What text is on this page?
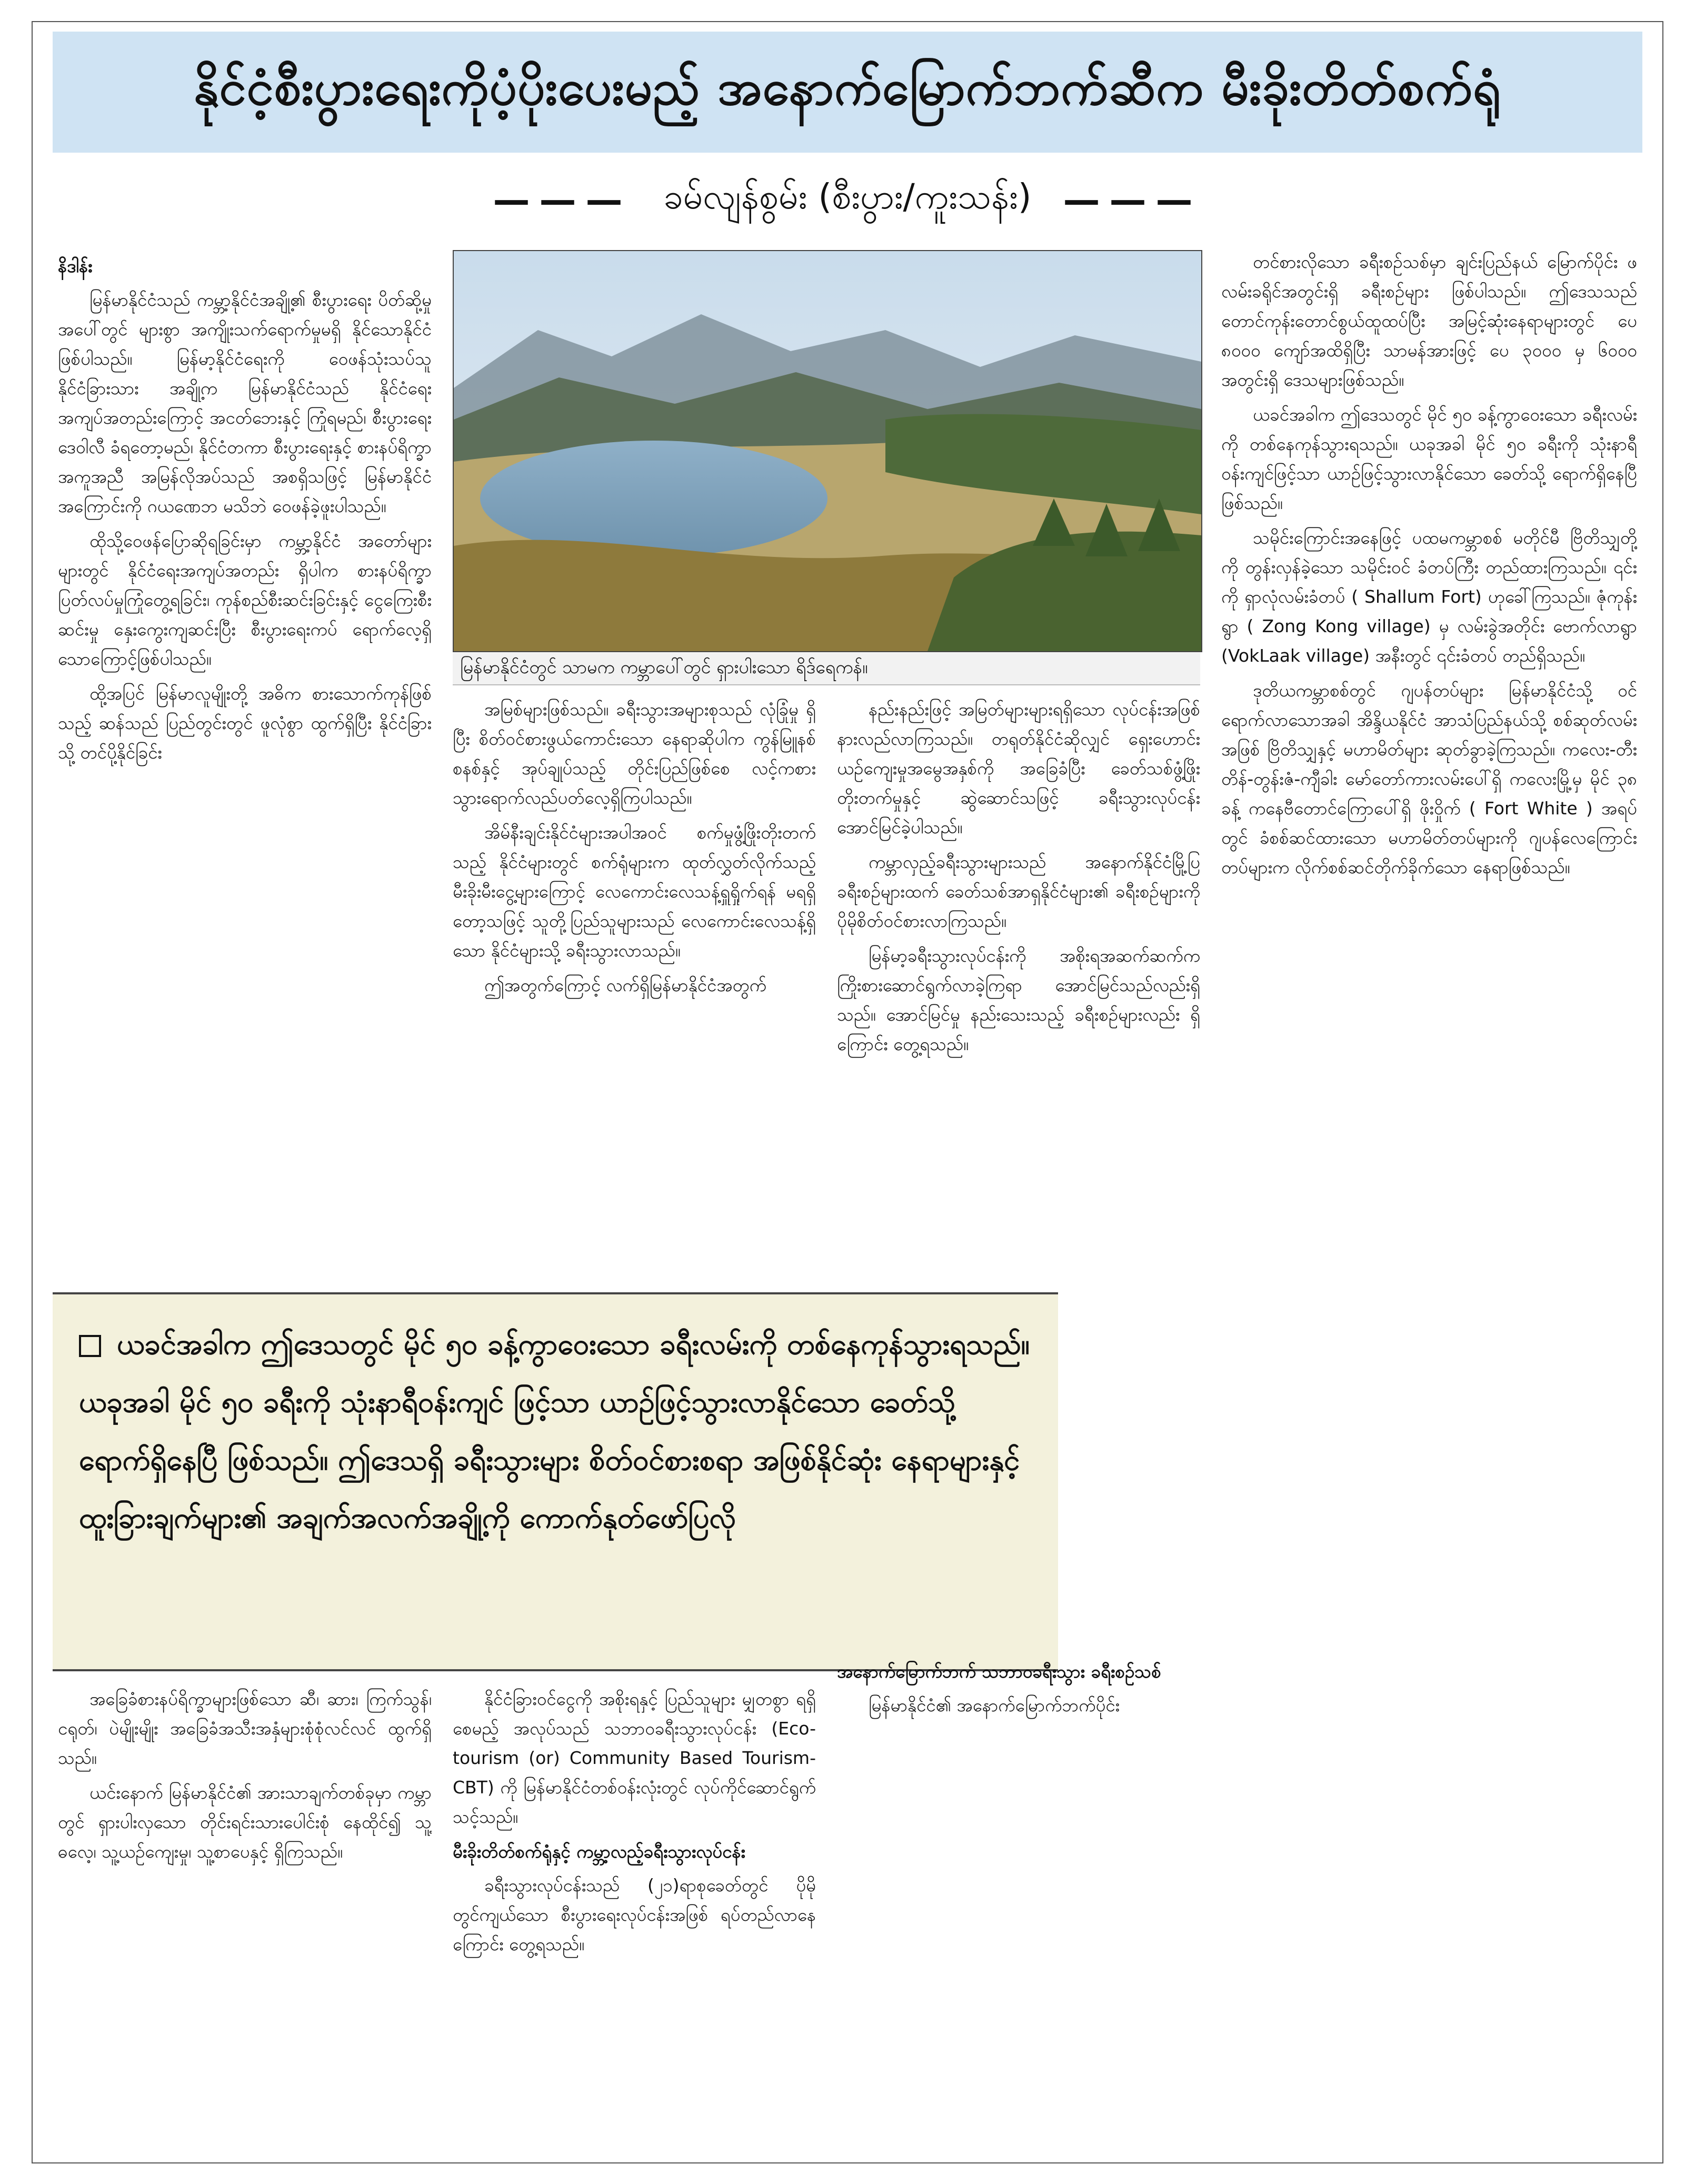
နိုင်ငံ့စီးပွားရေးကိုပံ့ပိုးပေးမည့် အနောက်မြောက်ဘက်ဆီက မီးခိုးတိတ်စက်ရုံ
——— ခမ်လျန်စွမ်း (စီးပွား/ကူးသန်း) ———

နိဒါန်း

မြန်မာနိုင်ငံသည် ကမ္ဘာ့နိုင်ငံအချို့၏ စီးပွားရေး ပိတ်ဆို့မှုအပေါ်တွင် များစွာ အကျိုးသက်ရောက်မှုမရှိ နိုင်သောနိုင်ငံဖြစ်ပါသည်။ မြန်မာ့နိုင်ငံရေးကို ဝေဖန်သုံးသပ်သူ နိုင်ငံခြားသား အချို့က မြန်မာနိုင်ငံသည် နိုင်ငံရေး အကျပ်အတည်းကြောင့် အငတ်ဘေးနှင့် ကြုံရမည်၊ စီးပွားရေးဒေဝါလီ ခံရတော့မည်၊ နိုင်ငံတကာ စီးပွားရေးနှင့် စားနပ်ရိက္ခာ အကူအညီ အမြန်လိုအပ်သည် အစရှိသဖြင့် မြန်မာနိုင်ငံ အကြောင်းကို ဂယဏေဘ မသိဘဲ ဝေဖန်ခဲ့ဖူးပါသည်။

ထိုသို့ဝေဖန်ပြောဆိုရခြင်းမှာ ကမ္ဘာ့နိုင်ငံ အတော်များများတွင် နိုင်ငံရေးအကျပ်အတည်း ရှိပါက စားနပ်ရိက္ခာ ပြတ်လပ်မှုကြုံတွေ့ရခြင်း၊ ကုန်စည်စီးဆင်းခြင်းနှင့် ငွေကြေးစီးဆင်းမှု နှေးကွေးကျဆင်းပြီး စီးပွားရေးကပ် ရောက်လေ့ရှိသောကြောင့်ဖြစ်ပါသည်။

ထို့အပြင် မြန်မာလူမျိုးတို့ အဓိက စားသောက်ကုန်ဖြစ်သည့် ဆန်သည် ပြည်တွင်းတွင် ဖူလုံစွာ ထွက်ရှိပြီး နိုင်ငံခြားသို့ တင်ပို့နိုင်ခြင်း

မြန်မာနိုင်ငံတွင် သာမက ကမ္ဘာပေါ်တွင် ရှားပါးသော ရိဒ်ရေကန်။

အမြစ်များဖြစ်သည်။ ခရီးသွားအများစုသည် လုံခြုံမှု ရှိပြီး စိတ်ဝင်စားဖွယ်ကောင်းသော နေရာဆိုပါက ကွန်မြူနစ်စနစ်နှင့် အုပ်ချုပ်သည့် တိုင်းပြည်ဖြစ်စေ လင့်ကစား သွားရောက်လည်ပတ်လေ့ရှိကြပါသည်။

အိမ်နီးချင်းနိုင်ငံများအပါအဝင် စက်မှုဖွံ့ဖြိုးတိုးတက်သည့် နိုင်ငံများတွင် စက်ရုံများက ထုတ်လွှတ်လိုက်သည့် မီးခိုးမီးငွေ့များကြောင့် လေကောင်းလေသန့်ရှူရှိုက်ရန် မရရှိတော့သဖြင့် သူတို့ပြည်သူများသည် လေကောင်းလေသန့်ရှိသော နိုင်ငံများသို့ ခရီးသွားလာသည်။

ဤအတွက်ကြောင့် လက်ရှိမြန်မာနိုင်ငံအတွက်

နည်းနည်းဖြင့် အမြတ်များများရရှိသော လုပ်ငန်းအဖြစ် နားလည်လာကြသည်။ တရုတ်နိုင်ငံဆိုလျှင် ရှေးဟောင်းယဉ်ကျေးမှုအမွေအနှစ်ကို အခြေခံပြီး ခေတ်သစ်ဖွံ့ဖြိုးတိုးတက်မှုနှင့် ဆွဲဆောင်သဖြင့် ခရီးသွားလုပ်ငန်း အောင်မြင်ခဲ့ပါသည်။

ကမ္ဘာလှည့်ခရီးသွားများသည် အနောက်နိုင်ငံမြို့ပြခရီးစဉ်များထက် ခေတ်သစ်အာရှနိုင်ငံများ၏ ခရီးစဉ်များကို ပိုမိုစိတ်ဝင်စားလာကြသည်။

မြန်မာ့ခရီးသွားလုပ်ငန်းကို အစိုးရအဆက်ဆက်က ကြိုးစားဆောင်ရွက်လာခဲ့ကြရာ အောင်မြင်သည်လည်းရှိသည်။ အောင်မြင်မှု နည်းသေးသည့် ခရီးစဉ်များလည်း ရှိကြောင်း တွေ့ရသည်။

တင်စားလိုသော ခရီးစဉ်သစ်မှာ ချင်းပြည်နယ် မြောက်ပိုင်း ဖလမ်းခရိုင်အတွင်းရှိ ခရီးစဉ်များ ဖြစ်ပါသည်။ ဤဒေသသည် တောင်ကုန်းတောင်စွယ်ထူထပ်ပြီး အမြင့်ဆုံးနေရာများတွင် ပေ ၈၀၀၀ ကျော်အထိရှိပြီး သာမန်အားဖြင့် ပေ ၃၀၀၀ မှ ၆၀၀၀ အတွင်းရှိ ဒေသများဖြစ်သည်။

ယခင်အခါက ဤဒေသတွင် မိုင် ၅၀ ခန့်ကွာဝေးသော ခရီးလမ်းကို တစ်နေကုန်သွားရသည်။ ယခုအခါ မိုင် ၅၀ ခရီးကို သုံးနာရီဝန်းကျင်ဖြင့်သာ ယာဉ်ဖြင့်သွားလာနိုင်သော ခေတ်သို့ ရောက်ရှိနေပြီဖြစ်သည်။

သမိုင်းကြောင်းအနေဖြင့် ပထမကမ္ဘာစစ် မတိုင်မီ ဗြိတိသျှတို့ကို တွန်းလှန်ခဲ့သော သမိုင်းဝင် ခံတပ်ကြီး တည်ထားကြသည်။ ၎င်းကို ရှာလုံလမ်းခံတပ် ( Shallum Fort) ဟုခေါ်ကြသည်။ ဇုံကုန်းရွာ ( Zong Kong village) မှ လမ်းခွဲအတိုင်း ဗောက်လာရွာ (VokLaak village) အနီးတွင် ၎င်းခံတပ် တည်ရှိသည်။

ဒုတိယကမ္ဘာစစ်တွင် ဂျပန်တပ်များ မြန်မာနိုင်ငံသို့ ဝင်ရောက်လာသောအခါ အိန္ဒိယနိုင်ငံ အာသံပြည်နယ်သို့ စစ်ဆုတ်လမ်းအဖြစ် ဗြိတိသျှနှင့် မဟာမိတ်များ ဆုတ်ခွာခဲ့ကြသည်။ ကလေး-တီးတိန်-တွန်းဇံ-ကျီခါး မော်တော်ကားလမ်းပေါ်ရှိ ကလေးမြို့မှ မိုင် ၃၈ ခန့် ကနေဗီတောင်ကြောပေါ်ရှိ ဖိုးဝှိုက် ( Fort White ) အရပ်တွင် ခံစစ်ဆင်ထားသော မဟာမိတ်တပ်များကို ဂျပန်လေကြောင်းတပ်များက လိုက်စစ်ဆင်တိုက်ခိုက်သော နေရာဖြစ်သည်။

ယခင်အခါက ဤဒေသတွင် မိုင် ၅၀ ခန့်ကွာဝေးသော ခရီးလမ်းကို တစ်နေကုန်သွားရသည်။ ယခုအခါ မိုင် ၅၀ ခရီးကို သုံးနာရီဝန်းကျင် ဖြင့်သာ ယာဉ်ဖြင့်သွားလာနိုင်သော ခေတ်သို့ ရောက်ရှိနေပြီ ဖြစ်သည်။ ဤဒေသရှိ ခရီးသွားများ စိတ်ဝင်စားစရာ အဖြစ်နိုင်ဆုံး နေရာများနှင့် ထူးခြားချက်များ၏ အချက်အလက်အချို့ကို ကောက်နုတ်ဖော်ပြလို

အခြေခံစားနပ်ရိက္ခာများဖြစ်သော ဆီ၊ ဆား၊ ကြက်သွန်၊ ငရုတ်၊ ပဲမျိုးမျိုး အခြေခံအသီးအနှံများစုံစုံလင်လင် ထွက်ရှိသည်။

ယင်းနောက် မြန်မာနိုင်ငံ၏ အားသာချက်တစ်ခုမှာ ကမ္ဘာတွင် ရှားပါးလှသော တိုင်းရင်းသားပေါင်းစုံ နေထိုင်၍ သူ့ဓလေ့၊ သူ့ယဉ်ကျေးမှု၊ သူ့စာပေနှင့် ရှိကြသည်။

နိုင်ငံခြားဝင်ငွေကို အစိုးရနှင့် ပြည်သူများ မျှတစွာ ရရှိစေမည့် အလုပ်သည် သဘာဝခရီးသွားလုပ်ငန်း (Eco-tourism (or) Community Based Tourism-CBT) ကို မြန်မာနိုင်ငံတစ်ဝန်းလုံးတွင် လုပ်ကိုင်ဆောင်ရွက်သင့်သည်။

မီးခိုးတိတ်စက်ရုံနှင့် ကမ္ဘာ့လည့်ခရီးသွားလုပ်ငန်း

ခရီးသွားလုပ်ငန်းသည် (၂၁)ရာစုခေတ်တွင် ပိုမိုတွင်ကျယ်သော စီးပွားရေးလုပ်ငန်းအဖြစ် ရပ်တည်လာနေကြောင်း တွေ့ရသည်။

အနောက်မြောက်ဘက် သဘာဝခရီးသွား ခရီးစဉ်သစ်

မြန်မာနိုင်ငံ၏ အနောက်မြောက်ဘက်ပိုင်း
